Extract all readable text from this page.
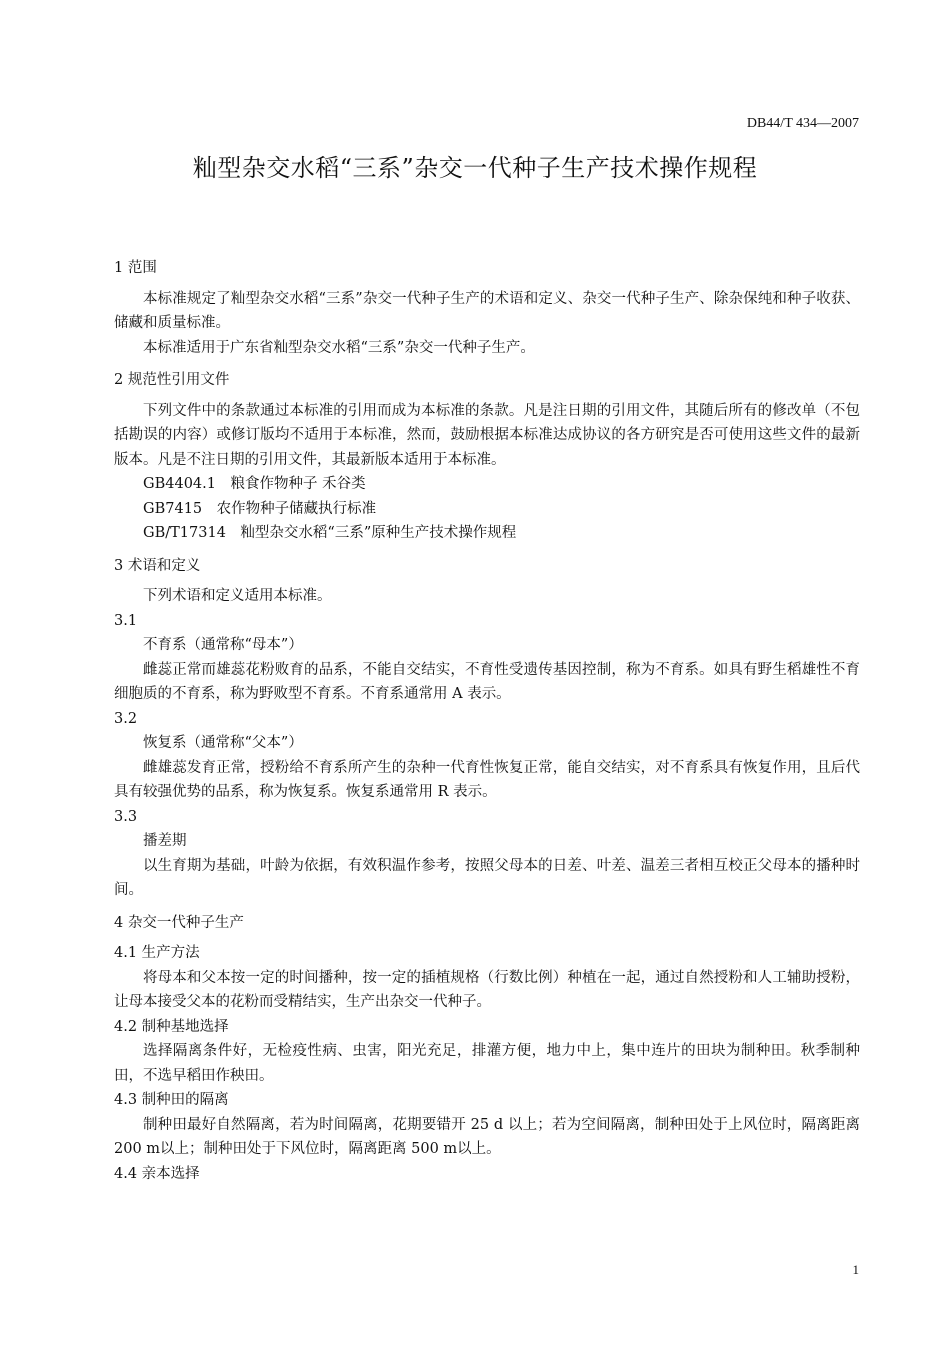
DB44/T 434—2007
籼型杂交水稻“三系”杂交一代种子生产技术操作规程

1 范围

本标准规定了籼型杂交水稻“三系”杂交一代种子生产的术语和定义、杂交一代种子生产、除杂保纯和种子收获、储藏和质量标准。

本标准适用于广东省籼型杂交水稻“三系”杂交一代种子生产。

2 规范性引用文件

下列文件中的条款通过本标准的引用而成为本标准的条款。凡是注日期的引用文件，其随后所有的修改单（不包括勘误的内容）或修订版均不适用于本标准，然而，鼓励根据本标准达成协议的各方研究是否可使用这些文件的最新版本。凡是不注日期的引用文件，其最新版本适用于本标准。

GB4404.1　粮食作物种子 禾谷类

GB7415　农作物种子储藏执行标准

GB/T17314　籼型杂交水稻“三系”原种生产技术操作规程

3 术语和定义

下列术语和定义适用本标准。

3.1

不育系（通常称“母本”）

雌蕊正常而雄蕊花粉败育的品系，不能自交结实，不育性受遗传基因控制，称为不育系。如具有野生稻雄性不育细胞质的不育系，称为野败型不育系。不育系通常用 A 表示。

3.2

恢复系（通常称“父本”）

雌雄蕊发育正常，授粉给不育系所产生的杂种一代育性恢复正常，能自交结实，对不育系具有恢复作用，且后代具有较强优势的品系，称为恢复系。恢复系通常用 R 表示。

3.3

播差期

以生育期为基础，叶龄为依据，有效积温作参考，按照父母本的日差、叶差、温差三者相互校正父母本的播种时间。

4 杂交一代种子生产

4.1 生产方法

将母本和父本按一定的时间播种，按一定的插植规格（行数比例）种植在一起，通过自然授粉和人工辅助授粉，让母本接受父本的花粉而受精结实，生产出杂交一代种子。

4.2 制种基地选择

选择隔离条件好，无检疫性病、虫害，阳光充足，排灌方便，地力中上，集中连片的田块为制种田。秋季制种田，不选早稻田作秧田。

4.3 制种田的隔离

制种田最好自然隔离，若为时间隔离，花期要错开 25 d 以上；若为空间隔离，制种田处于上风位时，隔离距离 200 m以上；制种田处于下风位时，隔离距离 500 m以上。

4.4 亲本选择

1
